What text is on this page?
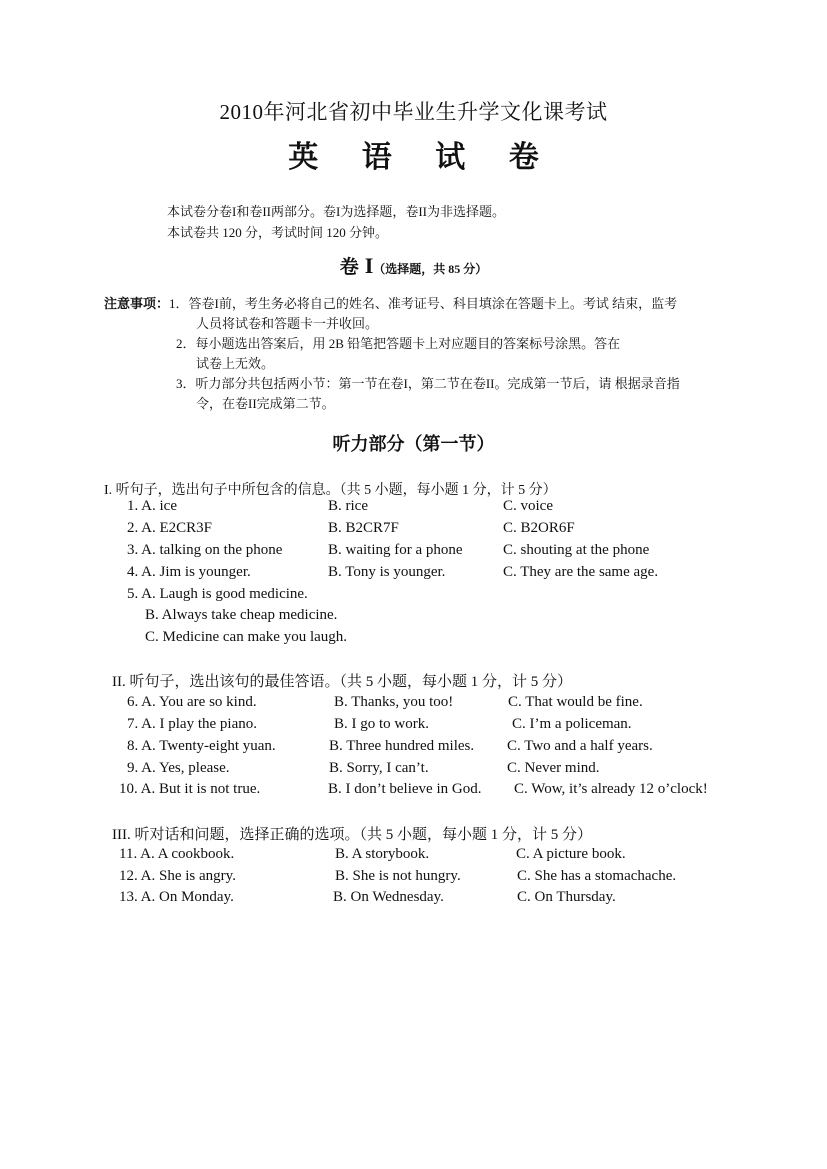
2010年河北省初中毕业生升学文化课考试
英 语 试 卷
本试卷分卷I和卷II两部分。卷I为选择题，卷II为非选择题。
本试卷共 120 分，考试时间 120 分钟。
卷 I（选择题，共 85 分）
注意事项：1．答卷I前，考生务必将自己的姓名、准考证号、科目填涂在答题卡上。考试 结束，监考
人员将试卷和答题卡一并收回。
2．每小题选出答案后，用 2B 铅笔把答题卡上对应题目的答案标号涂黑。答在
试卷上无效。
3．听力部分共包括两小节：第一节在卷I，第二节在卷II。完成第一节后，请 根据录音指
令，在卷II完成第二节。
听力部分（第一节）
I. 听句子，选出句子中所包含的信息。（共 5 小题，每小题 1 分，计 5 分）
1. A. ice	B. rice	C. voice
2. A. E2CR3F	B. B2CR7F	C. B2OR6F
3. A. talking on the phone	B. waiting for a phone	C. shouting at the phone
4. A. Jim is younger.	B. Tony is younger.	C. They are the same age.
5. A. Laugh is good medicine.
B. Always take cheap medicine.
C. Medicine can make you laugh.
II. 听句子，选出该句的最佳答语。（共 5 小题，每小题 1 分，计 5 分）
6. A. You are so kind.	B. Thanks, you too!	C. That would be fine.
7. A. I play the piano.	B. I go to work.	C. I’m a policeman.
8. A. Twenty-eight yuan.	B. Three hundred miles. C. Two and a half years.
9. A. Yes, please.	B. Sorry, I can’t.	C. Never mind.
10. A. But it is not true.	B. I don’t believe in God. C. Wow, it’s already 12 o’clock!
III. 听对话和问题，选择正确的选项。（共 5 小题，每小题 1 分，计 5 分）
11. A. A cookbook.	B. A storybook.	C. A picture book.
12. A. She is angry.	B. She is not hungry.	C. She has a stomachache.
13. A. On Monday.	B. On Wednesday.	C. On Thursday.
